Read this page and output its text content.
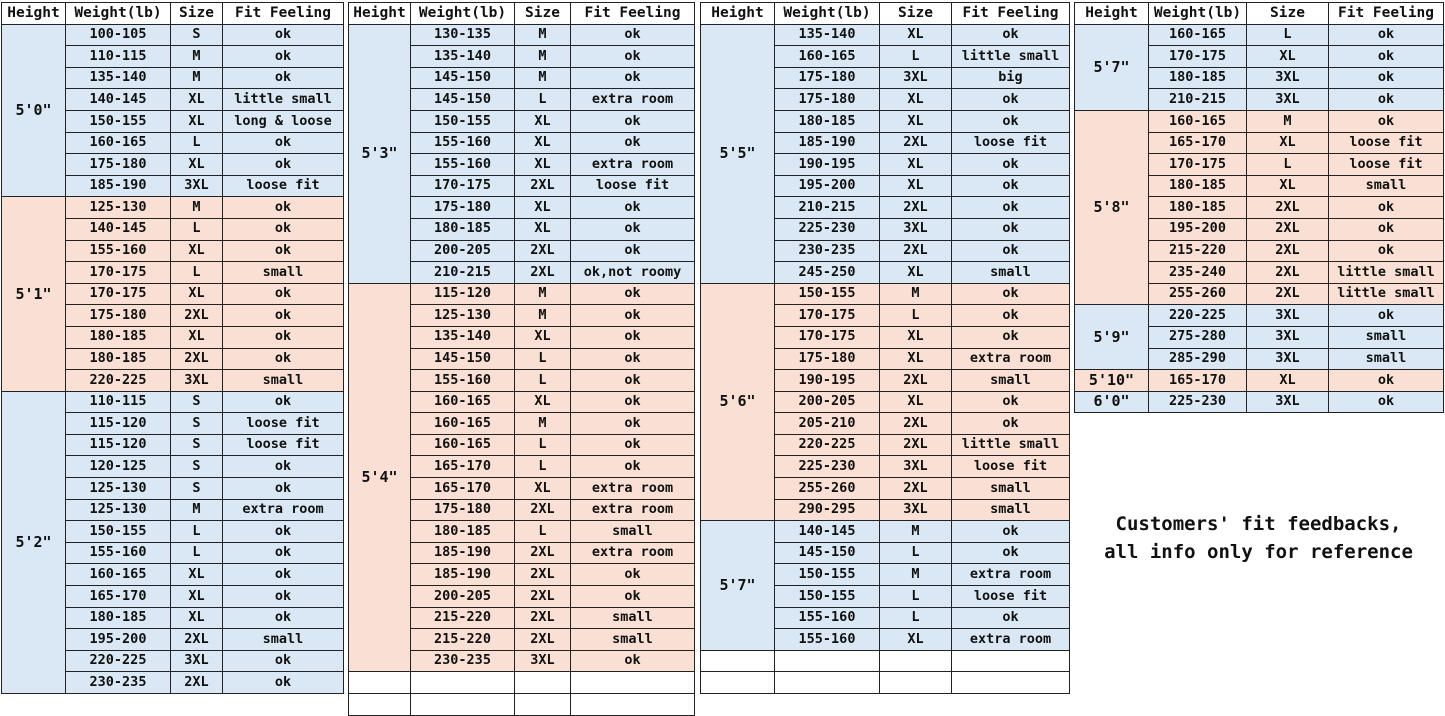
Height	Weight(lb)	Size	Fit Feeling
5'0"	100-105	S	ok
	110-115	M	ok
	135-140	M	ok
	140-145	XL	little small
	150-155	XL	long & loose
	160-165	L	ok
	175-180	XL	ok
	185-190	3XL	loose fit
5'1"	125-130	M	ok
	140-145	L	ok
	155-160	XL	ok
	170-175	L	small
	170-175	XL	ok
	175-180	2XL	ok
	180-185	XL	ok
	180-185	2XL	ok
	220-225	3XL	small
5'2"	110-115	S	ok
	115-120	S	loose fit
	115-120	S	loose fit
	120-125	S	ok
	125-130	S	ok
	125-130	M	extra room
	150-155	L	ok
	155-160	L	ok
	160-165	XL	ok
	165-170	XL	ok
	180-185	XL	ok
	195-200	2XL	small
	220-225	3XL	ok
	230-235	2XL	ok
Height	Weight(lb)	Size	Fit Feeling
5'3"	130-135	M	ok
	135-140	M	ok
	145-150	M	ok
	145-150	L	extra room
	150-155	XL	ok
	155-160	XL	ok
	155-160	XL	extra room
	170-175	2XL	loose fit
	175-180	XL	ok
	180-185	XL	ok
	200-205	2XL	ok
	210-215	2XL	ok,not roomy
5'4"	115-120	M	ok
	125-130	M	ok
	135-140	XL	ok
	145-150	L	ok
	155-160	L	ok
	160-165	XL	ok
	160-165	M	ok
	160-165	L	ok
	165-170	L	ok
	165-170	XL	extra room
	175-180	2XL	extra room
	180-185	L	small
	185-190	2XL	extra room
	185-190	2XL	ok
	200-205	2XL	ok
	215-220	2XL	small
	215-220	2XL	small
	230-235	3XL	ok

Height	Weight(lb)	Size	Fit Feeling
5'5"	135-140	XL	ok
	160-165	L	little small
	175-180	3XL	big
	175-180	XL	ok
	180-185	XL	ok
	185-190	2XL	loose fit
	190-195	XL	ok
	195-200	XL	ok
	210-215	2XL	ok
	225-230	3XL	ok
	230-235	2XL	ok
	245-250	XL	small
5'6"	150-155	M	ok
	170-175	L	ok
	170-175	XL	ok
	175-180	XL	extra room
	190-195	2XL	small
	200-205	XL	ok
	205-210	2XL	ok
	220-225	2XL	little small
	225-230	3XL	loose fit
	255-260	2XL	small
	290-295	3XL	small
5'7"	140-145	M	ok
	145-150	L	ok
	150-155	M	extra room
	150-155	L	loose fit
	155-160	L	ok
	155-160	XL	extra room

Height	Weight(lb)	Size	Fit Feeling
5'7"	160-165	L	ok
	170-175	XL	ok
	180-185	3XL	ok
	210-215	3XL	ok
5'8"	160-165	M	ok
	165-170	XL	loose fit
	170-175	L	loose fit
	180-185	XL	small
	180-185	2XL	ok
	195-200	2XL	ok
	215-220	2XL	ok
	235-240	2XL	little small
	255-260	2XL	little small
5'9"	220-225	3XL	ok
	275-280	3XL	small
	285-290	3XL	small
5'10"	165-170	XL	ok
6'0"	225-230	3XL	ok
Customers' fit feedbacks,
all info only for reference
